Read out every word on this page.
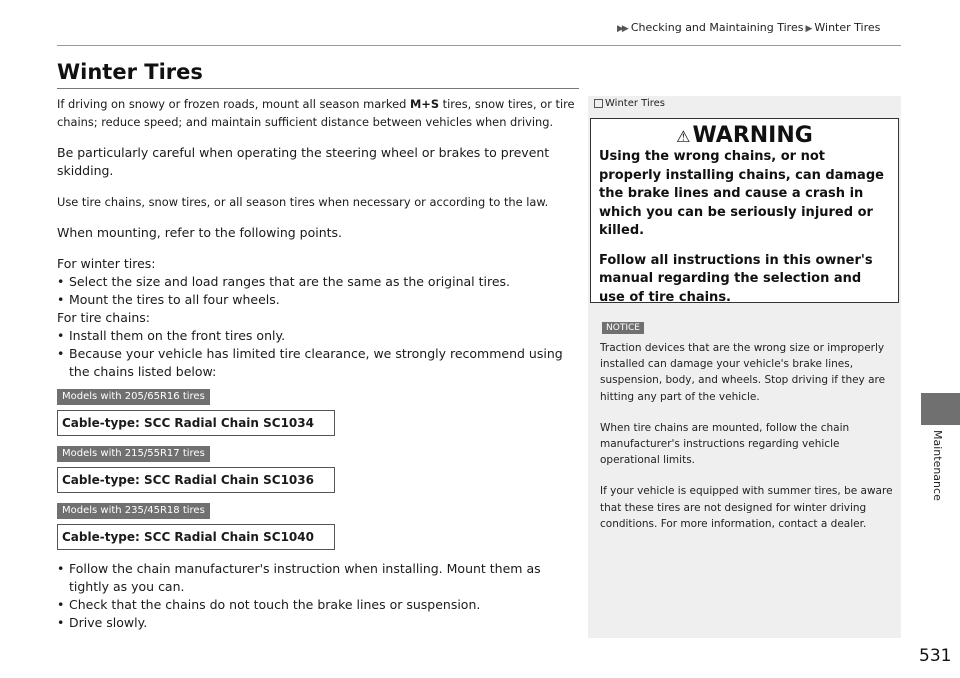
▶▶ Checking and Maintaining Tires ▶ Winter Tires
Maintenance
Winter Tires

If driving on snowy or frozen roads, mount all season marked M+S tires, snow tires, or tire chains; reduce speed; and maintain sufficient distance between vehicles when driving.

Be particularly careful when operating the steering wheel or brakes to prevent skidding.

Use tire chains, snow tires, or all season tires when necessary or according to the law.

When mounting, refer to the following points.

For winter tires:

• Select the size and load ranges that are the same as the original tires.
• Mount the tires to all four wheels.

For tire chains:

• Install them on the front tires only.
• Because your vehicle has limited tire clearance, we strongly recommend using the chains listed below:
Models with 205/65R16 tires
Cable-type: SCC Radial Chain SC1034
Models with 215/55R17 tires
Cable-type: SCC Radial Chain SC1036
Models with 235/45R18 tires
Cable-type: SCC Radial Chain SC1040
• Follow the chain manufacturer's instruction when installing. Mount them as tightly as you can.
• Check that the chains do not touch the brake lines or suspension.
• Drive slowly.
Winter Tires
⚠WARNING

Using the wrong chains, or not properly installing chains, can damage the brake lines and cause a crash in which you can be seriously injured or killed.

Follow all instructions in this owner's manual regarding the selection and use of tire chains.

NOTICE

Traction devices that are the wrong size or improperly installed can damage your vehicle's brake lines, suspension, body, and wheels. Stop driving if they are hitting any part of the vehicle.

When tire chains are mounted, follow the chain manufacturer's instructions regarding vehicle operational limits.

If your vehicle is equipped with summer tires, be aware that these tires are not designed for winter driving conditions. For more information, contact a dealer.

531
